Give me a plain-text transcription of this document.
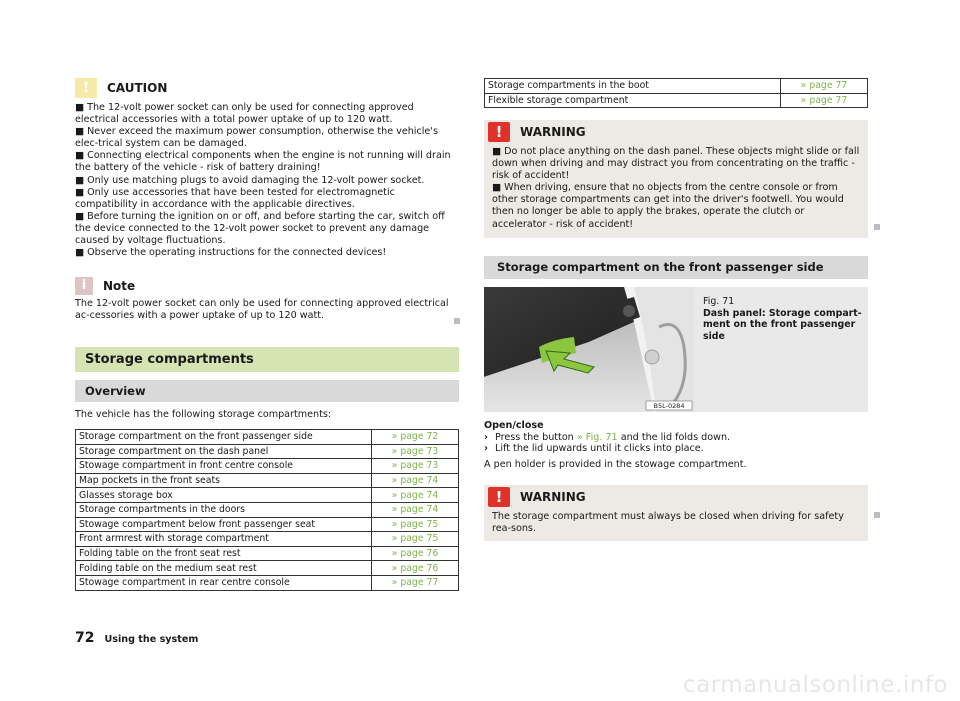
!	CAUTION

■ The 12-volt power socket can only be used for connecting approved electrical accessories with a total power uptake of up to 120 watt.

■ Never exceed the maximum power consumption, otherwise the vehicle's elec-trical system can be damaged.

■ Connecting electrical components when the engine is not running will drain the battery of the vehicle - risk of battery draining!

■ Only use matching plugs to avoid damaging the 12-volt power socket.

■ Only use accessories that have been tested for electromagnetic compatibility in accordance with the applicable directives.

■ Before turning the ignition on or off, and before starting the car, switch off the device connected to the 12-volt power socket to prevent any damage caused by voltage fluctuations.

■ Observe the operating instructions for the connected devices!

i	Note
The 12-volt power socket can only be used for connecting approved electrical ac-cessories with a power uptake of up to 120 watt.
Storage compartments
Overview
The vehicle has the following storage compartments:
Storage compartment on the front passenger side	» page 72
Storage compartment on the dash panel	» page 73
Stowage compartment in front centre console	» page 73
Map pockets in the front seats	» page 74
Glasses storage box	» page 74
Storage compartments in the doors	» page 74
Stowage compartment below front passenger seat	» page 75
Front armrest with storage compartment	» page 75
Folding table on the front seat rest	» page 76
Folding table on the medium seat rest	» page 76
Stowage compartment in rear centre console	» page 77
Storage compartments in the boot	» page 77
Flexible storage compartment	» page 77
!	WARNING

■ Do not place anything on the dash panel. These objects might slide or fall down when driving and may distract you from concentrating on the traffic - risk of accident!

■ When driving, ensure that no objects from the centre console or from other storage compartments can get into the driver's footwell. You would then no longer be able to apply the brakes, operate the clutch or accelerator - risk of accident!

Storage compartment on the front passenger side
B5L-0284
Fig. 71
Dash panel: Storage compart-ment on the front passenger side
Open/close
› Press the button » Fig. 71 and the lid folds down.
› Lift the lid upwards until it clicks into place.
A pen holder is provided in the stowage compartment.
!	WARNING
The storage compartment must always be closed when driving for safety rea-sons.
72 Using the system
carmanualsonline.info
